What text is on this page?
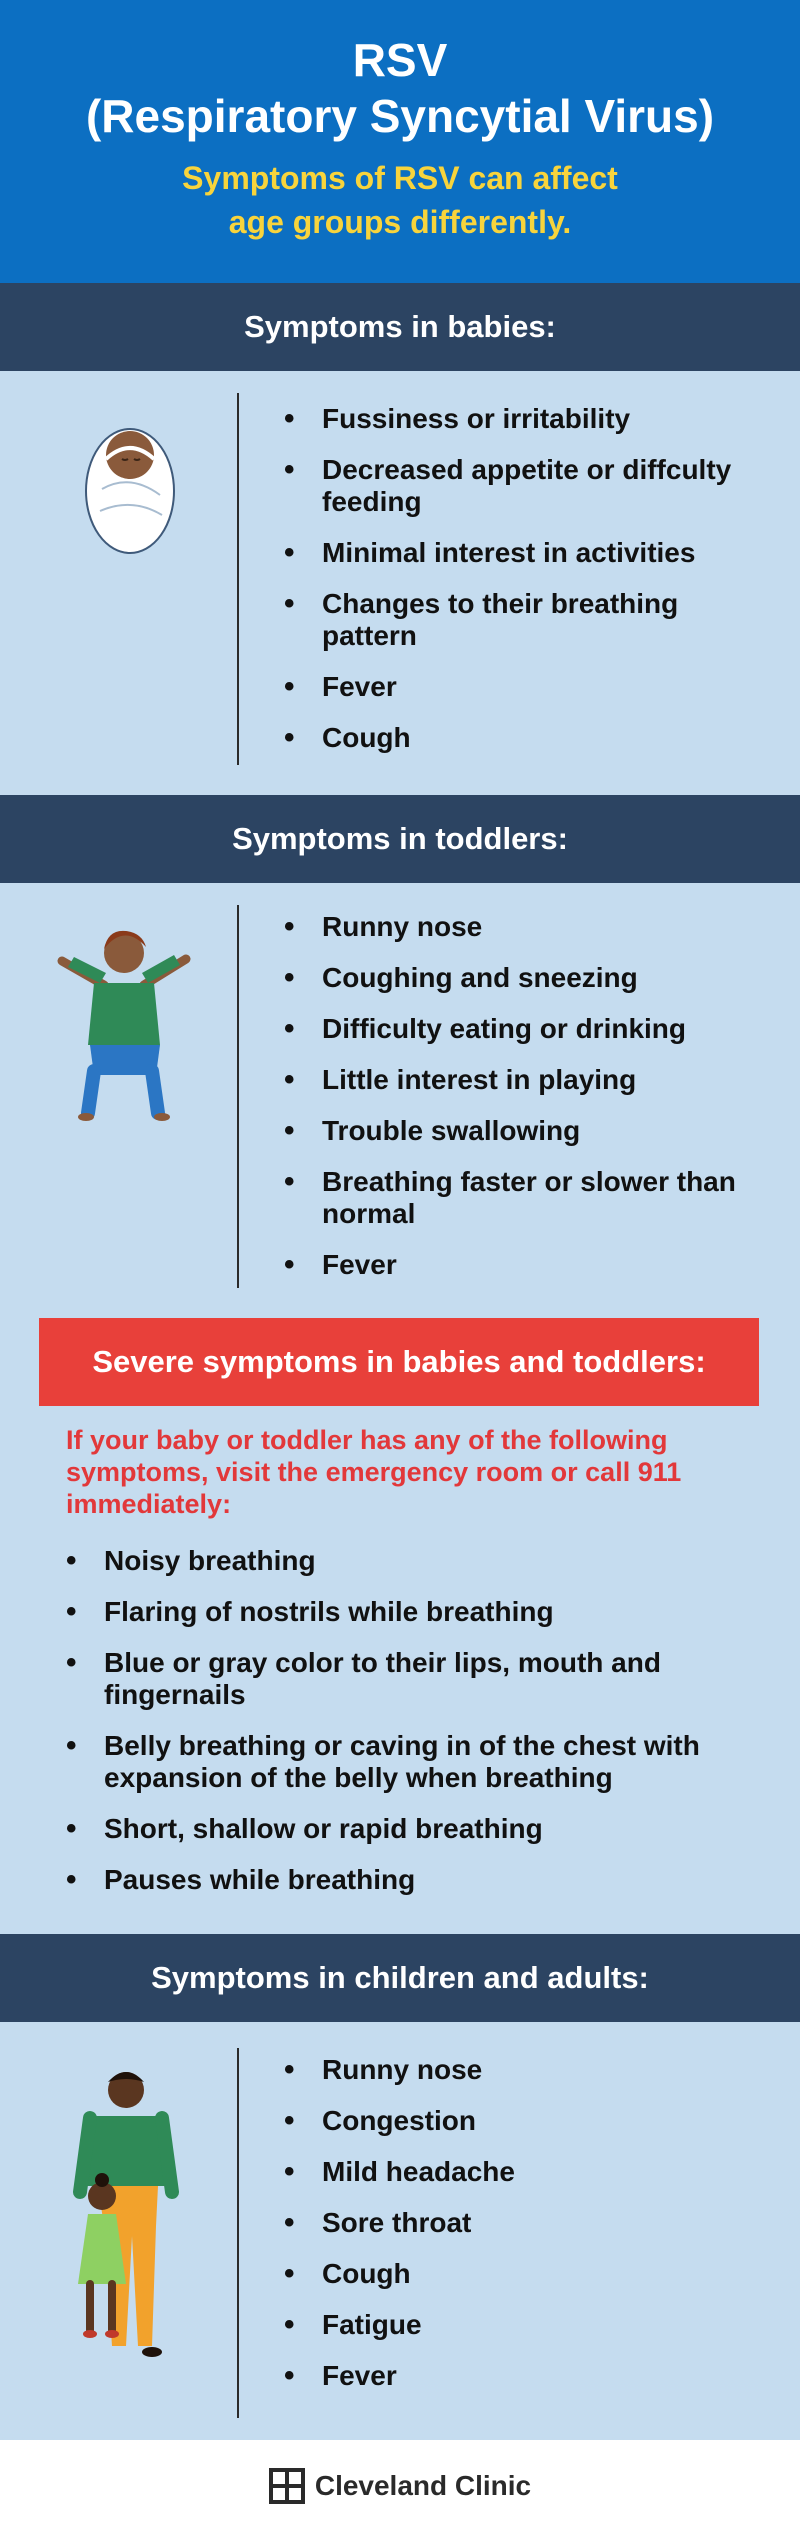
RSV
(Respiratory Syncytial Virus)
Symptoms of RSV can affect
age groups differently.
Symptoms in babies:
• Fussiness or irritability
• Decreased appetite or diffculty feeding
• Minimal interest in activities
• Changes to their breathing pattern
• Fever
• Cough
Symptoms in toddlers:
• Runny nose
• Coughing and sneezing
• Difficulty eating or drinking
• Little interest in playing
• Trouble swallowing
• Breathing faster or slower than normal
• Fever
Severe symptoms in babies and toddlers:
If your baby or toddler has any of the following symptoms, visit the emergency room or call 911 immediately:
• Noisy breathing
• Flaring of nostrils while breathing
• Blue or gray color to their lips, mouth and fingernails
• Belly breathing or caving in of the chest with expansion of the belly when breathing
• Short, shallow or rapid breathing
• Pauses while breathing
Symptoms in children and adults:
• Runny nose
• Congestion
• Mild headache
• Sore throat
• Cough
• Fatigue
• Fever
Cleveland Clinic
